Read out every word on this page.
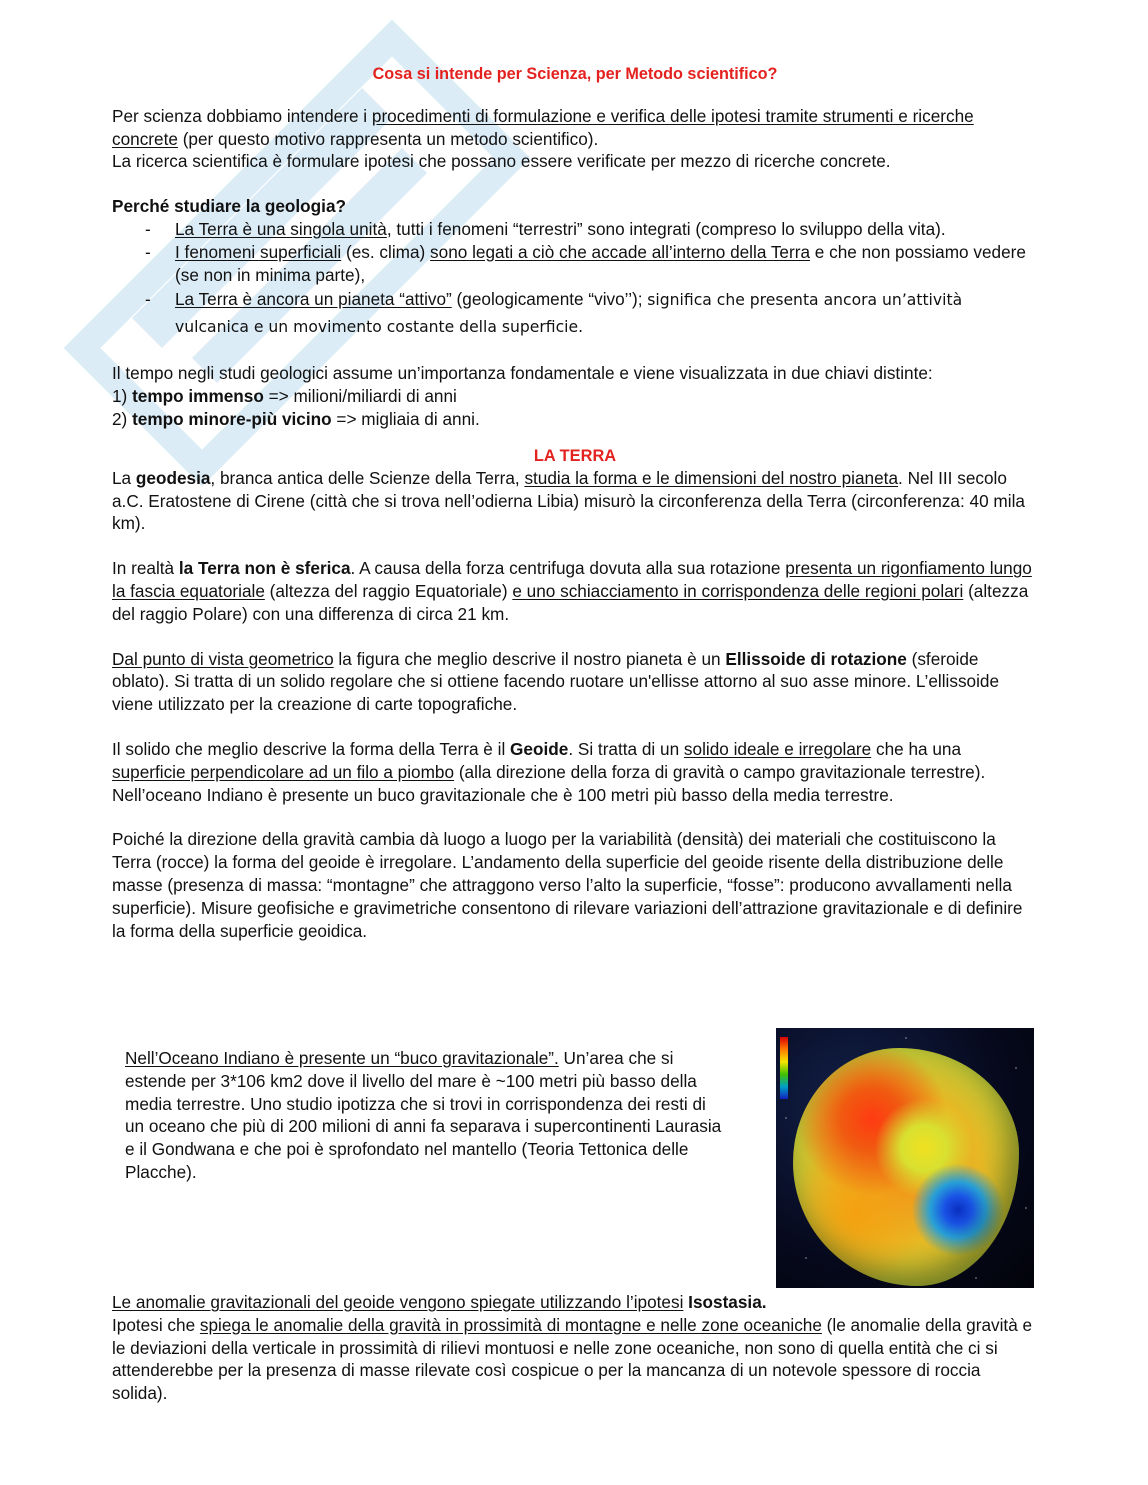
Cosa si intende per Scienza, per Metodo scientifico?

Per scienza dobbiamo intendere i procedimenti di formulazione e verifica delle ipotesi tramite strumenti e ricerche concrete (per questo motivo rappresenta un metodo scientifico).

La ricerca scientifica è formulare ipotesi che possano essere verificate per mezzo di ricerche concrete.

Perché studiare la geologia?

- La Terra è una singola unità, tutti i fenomeni “terrestri” sono integrati (compreso lo sviluppo della vita).
- I fenomeni superficiali (es. clima) sono legati a ciò che accade all’interno della Terra e che non possiamo vedere (se non in minima parte),
- La Terra è ancora un pianeta “attivo” (geologicamente “vivo’’); significa che presenta ancora un’attività vulcanica e un movimento costante della superficie.

Il tempo negli studi geologici assume un’importanza fondamentale e viene visualizzata in due chiavi distinte:

1) tempo immenso => milioni/miliardi di anni

2) tempo minore-più vicino => migliaia di anni.

LA TERRA

La geodesia, branca antica delle Scienze della Terra, studia la forma e le dimensioni del nostro pianeta. Nel III secolo a.C. Eratostene di Cirene (città che si trova nell’odierna Libia) misurò la circonferenza della Terra (circonferenza: 40 mila km).

In realtà la Terra non è sferica. A causa della forza centrifuga dovuta alla sua rotazione presenta un rigonfiamento lungo la fascia equatoriale (altezza del raggio Equatoriale) e uno schiacciamento in corrispondenza delle regioni polari (altezza del raggio Polare) con una differenza di circa 21 km.

Dal punto di vista geometrico la figura che meglio descrive il nostro pianeta è un Ellissoide di rotazione (sferoide oblato). Si tratta di un solido regolare che si ottiene facendo ruotare un'ellisse attorno al suo asse minore. L’ellissoide viene utilizzato per la creazione di carte topografiche.

Il solido che meglio descrive la forma della Terra è il Geoide. Si tratta di un solido ideale e irregolare che ha una superficie perpendicolare ad un filo a piombo (alla direzione della forza di gravità o campo gravitazionale terrestre).

Nell’oceano Indiano è presente un buco gravitazionale che è 100 metri più basso della media terrestre.

Poiché la direzione della gravità cambia dà luogo a luogo per la variabilità (densità) dei materiali che costituiscono la Terra (rocce) la forma del geoide è irregolare. L’andamento della superficie del geoide risente della distribuzione delle masse (presenza di massa: “montagne” che attraggono verso l’alto la superficie, “fosse”: producono avvallamenti nella superficie). Misure geofisiche e gravimetriche consentono di rilevare variazioni dell’attrazione gravitazionale e di definire la forma della superficie geoidica.

Nell’Oceano Indiano è presente un “buco gravitazionale”. Un’area che si estende per 3*106 km2 dove il livello del mare è ~100 metri più basso della media terrestre. Uno studio ipotizza che si trovi in corrispondenza dei resti di un oceano che più di 200 milioni di anni fa separava i supercontinenti Laurasia e il Gondwana e che poi è sprofondato nel mantello (Teoria Tettonica delle Placche).

Le anomalie gravitazionali del geoide vengono spiegate utilizzando l’ipotesi Isostasia.

Ipotesi che spiega le anomalie della gravità in prossimità di montagne e nelle zone oceaniche (le anomalie della gravità e le deviazioni della verticale in prossimità di rilievi montuosi e nelle zone oceaniche, non sono di quella entità che ci si attenderebbe per la presenza di masse rilevate così cospicue o per la mancanza di un notevole spessore di roccia solida).
